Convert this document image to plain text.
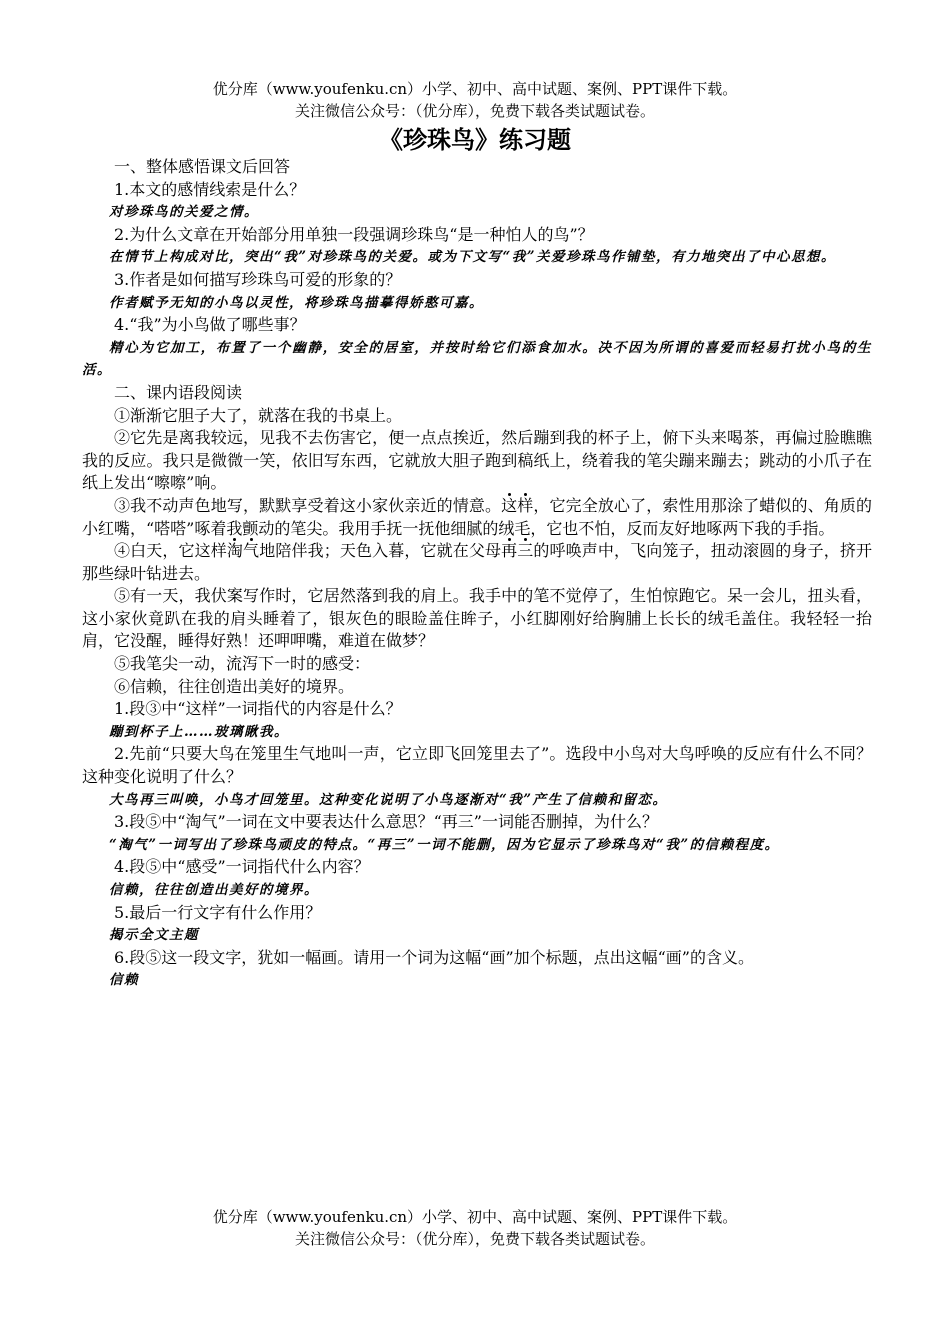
优分库（www.youfenku.cn）小学、初中、高中试题、案例、PPT课件下载。
关注微信公众号：（优分库），免费下载各类试题试卷。
《珍珠鸟》练习题

一、整体感悟课文后回答

1.本文的感情线索是什么？

对珍珠鸟的关爱之情。

2.为什么文章在开始部分用单独一段强调珍珠鸟“是一种怕人的鸟”？

在情节上构成对比，突出“我”对珍珠鸟的关爱。或为下文写“我”关爱珍珠鸟作铺垫，有力地突出了中心思想。

3.作者是如何描写珍珠鸟可爱的形象的？

作者赋予无知的小鸟以灵性，将珍珠鸟描摹得娇憨可嘉。

4.“我”为小鸟做了哪些事？

精心为它加工，布置了一个幽静，安全的居室，并按时给它们添食加水。决不因为所谓的喜爱而轻易打扰小鸟的生活。

二、课内语段阅读

①渐渐它胆子大了，就落在我的书桌上。

②它先是离我较远，见我不去伤害它，便一点点挨近，然后蹦到我的杯子上，俯下头来喝茶，再偏过脸瞧瞧我的反应。我只是微微一笑，依旧写东西，它就放大胆子跑到稿纸上，绕着我的笔尖蹦来蹦去；跳动的小爪子在纸上发出“嚓嚓”响。

③我不动声色地写，默默享受着这小家伙亲近的情意。这样，它完全放心了，索性用那涂了蜡似的、角质的小红嘴，“嗒嗒”啄着我颤动的笔尖。我用手抚一抚他细腻的绒毛，它也不怕，反而友好地啄两下我的手指。

④白天，它这样淘气地陪伴我；天色入暮，它就在父母再三的呼唤声中，飞向笼子，扭动滚圆的身子，挤开那些绿叶钻进去。

⑤有一天，我伏案写作时，它居然落到我的肩上。我手中的笔不觉停了，生怕惊跑它。呆一会儿，扭头看，这小家伙竟趴在我的肩头睡着了，银灰色的眼睑盖住眸子，小红脚刚好给胸脯上长长的绒毛盖住。我轻轻一抬肩，它没醒，睡得好熟！还呷呷嘴，难道在做梦？

⑤我笔尖一动，流泻下一时的感受：

⑥信赖，往往创造出美好的境界。

1.段③中“这样”一词指代的内容是什么？

蹦到杯子上……玻璃瞅我。

2.先前“只要大鸟在笼里生气地叫一声，它立即飞回笼里去了”。选段中小鸟对大鸟呼唤的反应有什么不同？这种变化说明了什么？

大鸟再三叫唤，小鸟才回笼里。这种变化说明了小鸟逐渐对“我”产生了信赖和留恋。

3.段⑤中“淘气”一词在文中要表达什么意思？“再三”一词能否删掉，为什么？

“淘气”一词写出了珍珠鸟顽皮的特点。“再三”一词不能删，因为它显示了珍珠鸟对“我”的信赖程度。

4.段⑤中“感受”一词指代什么内容？

信赖，往往创造出美好的境界。

5.最后一行文字有什么作用？

揭示全文主题

6.段⑤这一段文字，犹如一幅画。请用一个词为这幅“画”加个标题，点出这幅“画”的含义。

信赖

优分库（www.youfenku.cn）小学、初中、高中试题、案例、PPT课件下载。
关注微信公众号：（优分库），免费下载各类试题试卷。
